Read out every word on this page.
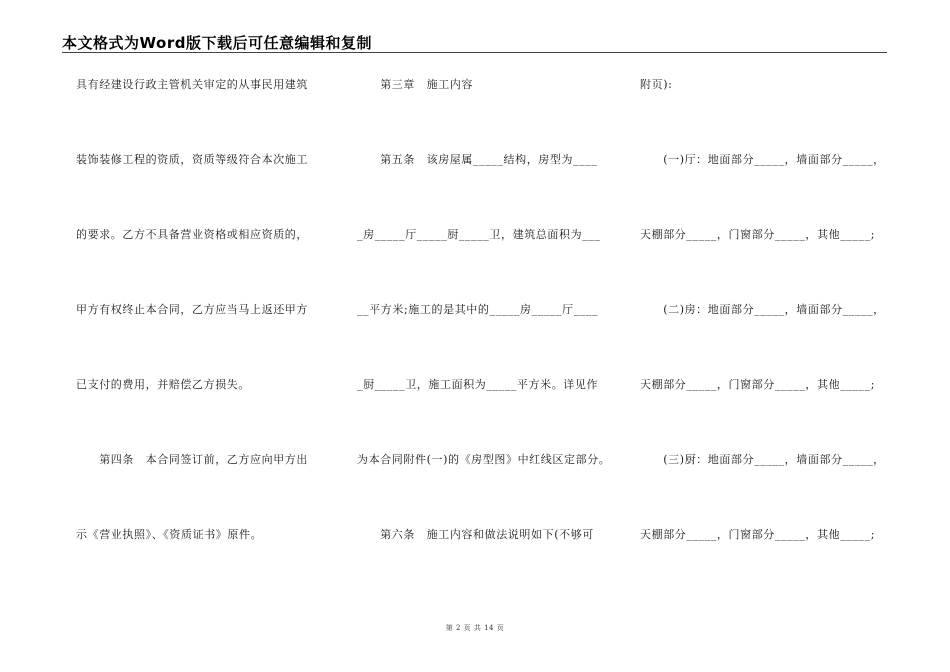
本文格式为Word版下载后可任意编辑和复制
具有经建设行政主管机关审定的从事民用建筑
装饰装修工程的资质，资质等级符合本次施工
的要求。乙方不具备营业资格或相应资质的，
甲方有权终止本合同，乙方应当马上返还甲方
已支付的费用，并赔偿乙方损失。
　　第四条　本合同签订前，乙方应向甲方出
示《营业执照》、《资质证书》原件。
　　第三章　施工内容
　　第五条　该房屋属_____结构，房型为____
_房_____厅_____厨_____卫，建筑总面积为___
__平方米;施工的是其中的_____房_____厅____
_厨_____卫，施工面积为_____平方米。详见作
为本合同附件(一)的《房型图》中红线区定部分。
　　第六条　施工内容和做法说明如下(不够可
附页):
　　(一)厅：地面部分_____，墙面部分_____，
天棚部分_____，门窗部分_____，其他_____;
　　(二)房：地面部分_____，墙面部分_____，
天棚部分_____，门窗部分_____，其他_____;
　　(三)厨：地面部分_____，墙面部分_____，
天棚部分_____，门窗部分_____，其他_____;
第 2 页 共 14 页
